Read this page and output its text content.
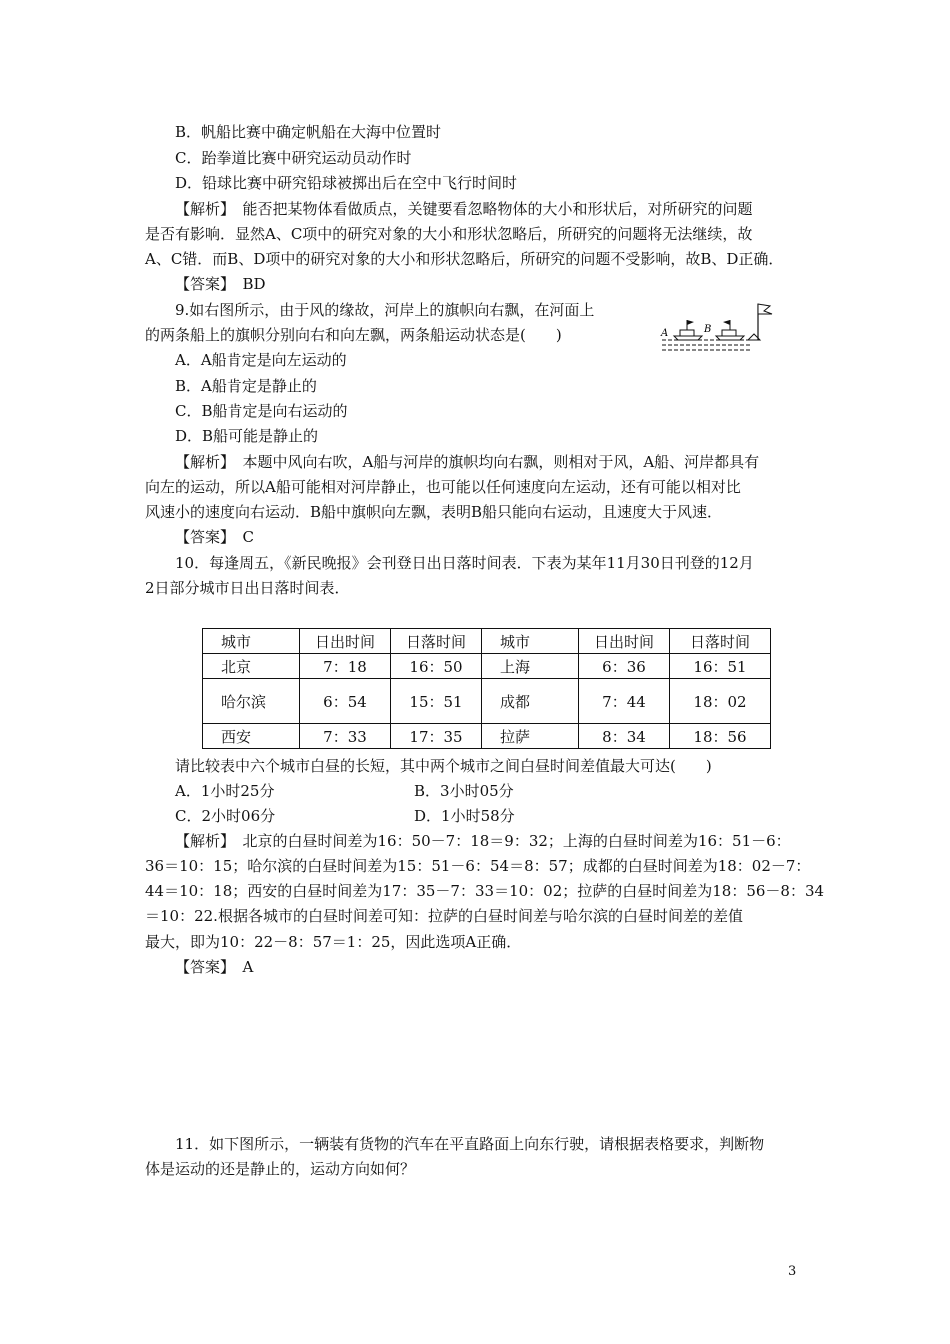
B．帆船比赛中确定帆船在大海中位置时
C．跆拳道比赛中研究运动员动作时
D．铅球比赛中研究铅球被掷出后在空中飞行时间时
【解析】　能否把某物体看做质点，关键要看忽略物体的大小和形状后，对所研究的问题
是否有影响．显然A、C项中的研究对象的大小和形状忽略后，所研究的问题将无法继续，故
A、C错．而B、D项中的研究对象的大小和形状忽略后，所研究的问题不受影响，故B、D正确．
【答案】　BD
9.如右图所示，由于风的缘故，河岸上的旗帜向右飘，在河面上
的两条船上的旗帜分别向右和向左飘，两条船运动状态是(　　)
A．A船肯定是向左运动的
B．A船肯定是静止的
C．B船肯定是向右运动的
D．B船可能是静止的
A	B
【解析】　本题中风向右吹，A船与河岸的旗帜均向右飘，则相对于风，A船、河岸都具有
向左的运动，所以A船可能相对河岸静止，也可能以任何速度向左运动，还有可能以相对比
风速小的速度向右运动．B船中旗帜向左飘，表明B船只能向右运动，且速度大于风速．
【答案】　C
10．每逢周五，《新民晚报》会刊登日出日落时间表．下表为某年11月30日刊登的12月
2日部分城市日出日落时间表．
城市	日出时间	日落时间	城市	日出时间	日落时间
北京	7：18	16：50	上海	6：36	16：51
哈尔滨	6：54	15：51	成都	7：44	18：02
西安	7：33	17：35	拉萨	8：34	18：56
请比较表中六个城市白昼的长短，其中两个城市之间白昼时间差值最大可达(　　)
A．1小时25分	B．3小时05分
C．2小时06分	D．1小时58分
【解析】　北京的白昼时间差为16：50－7：18＝9：32；上海的白昼时间差为16：51－6：
36＝10：15；哈尔滨的白昼时间差为15：51－6：54＝8：57；成都的白昼时间差为18：02－7：
44＝10：18；西安的白昼时间差为17：35－7：33＝10：02；拉萨的白昼时间差为18：56－8：34
＝10：22.根据各城市的白昼时间差可知：拉萨的白昼时间差与哈尔滨的白昼时间差的差值
最大，即为10：22－8：57＝1：25，因此选项A正确．
【答案】　A
11．如下图所示，一辆装有货物的汽车在平直路面上向东行驶，请根据表格要求，判断物
体是运动的还是静止的，运动方向如何？
3
